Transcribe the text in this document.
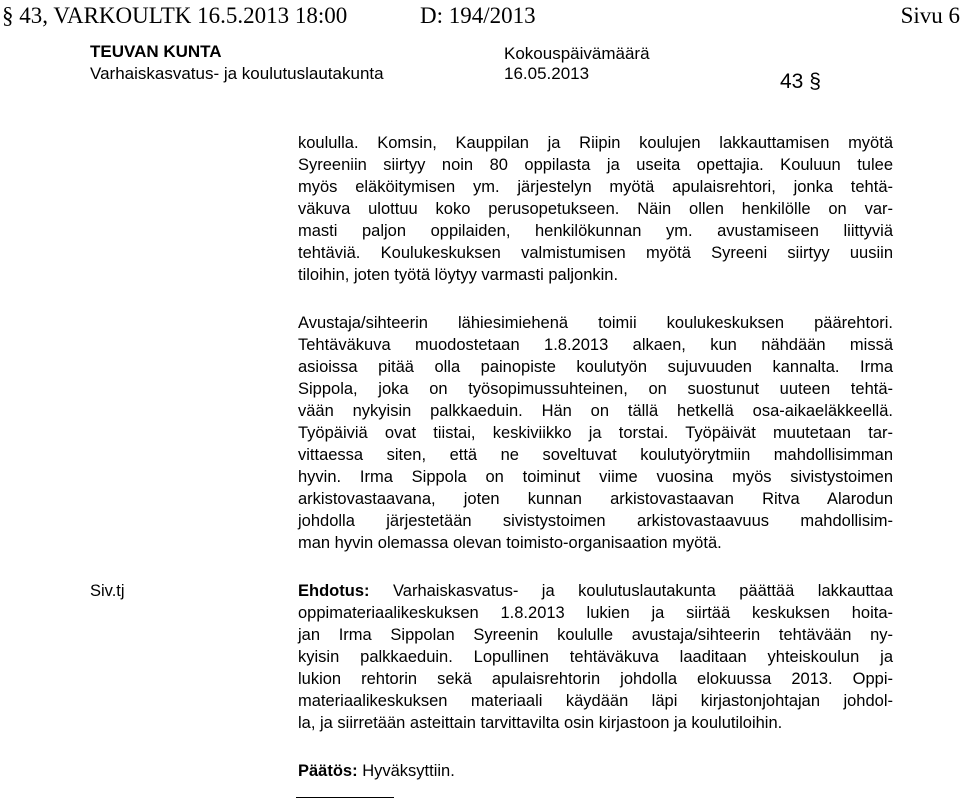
§ 43, VARKOULTK 16.5.2013 18:00	D: 194/2013	Sivu 6
TEUVAN KUNTA
Varhaiskasvatus- ja koulutuslautakunta
Kokouspäivämäärä
16.05.2013	43 §
koululla. Komsin, Kauppilan ja Riipin koulujen lakkauttamisen myötä
Syreeniin siirtyy noin 80 oppilasta ja useita opettajia. Kouluun tulee
myös eläköitymisen ym. järjestelyn myötä apulaisrehtori, jonka tehtä-
väkuva ulottuu koko perusopetukseen. Näin ollen henkilölle on var-
masti paljon oppilaiden, henkilökunnan ym. avustamiseen liittyviä
tehtäviä. Koulukeskuksen valmistumisen myötä Syreeni siirtyy uusiin
tiloihin, joten työtä löytyy varmasti paljonkin.
Avustaja/sihteerin lähiesimiehenä toimii koulukeskuksen päärehtori.
Tehtäväkuva muodostetaan 1.8.2013 alkaen, kun nähdään missä
asioissa pitää olla painopiste koulutyön sujuvuuden kannalta. Irma
Sippola, joka on työsopimussuhteinen, on suostunut uuteen tehtä-
vään nykyisin palkkaeduin. Hän on tällä hetkellä osa-aikaeläkkeellä.
Työpäiviä ovat tiistai, keskiviikko ja torstai. Työpäivät muutetaan tar-
vittaessa siten, että ne soveltuvat koulutyörytmiin mahdollisimman
hyvin. Irma Sippola on toiminut viime vuosina myös sivistystoimen
arkistovastaavana, joten kunnan arkistovastaavan Ritva Alarodun
johdolla järjestetään sivistystoimen arkistovastaavuus mahdollisim-
man hyvin olemassa olevan toimisto-organisaation myötä.
Siv.tj	Ehdotus: Varhaiskasvatus- ja koulutuslautakunta päättää lakkauttaa
oppimateriaalikeskuksen 1.8.2013 lukien ja siirtää keskuksen hoita-
jan Irma Sippolan Syreenin koululle avustaja/sihteerin tehtävään ny-
kyisin palkkaeduin. Lopullinen tehtäväkuva laaditaan yhteiskoulun ja
lukion rehtorin sekä apulaisrehtorin johdolla elokuussa 2013. Oppi-
materiaalikeskuksen materiaali käydään läpi kirjastonjohtajan johdol-
la, ja siirretään asteittain tarvittavilta osin kirjastoon ja koulutiloihin.
Päätös: Hyväksyttiin.
